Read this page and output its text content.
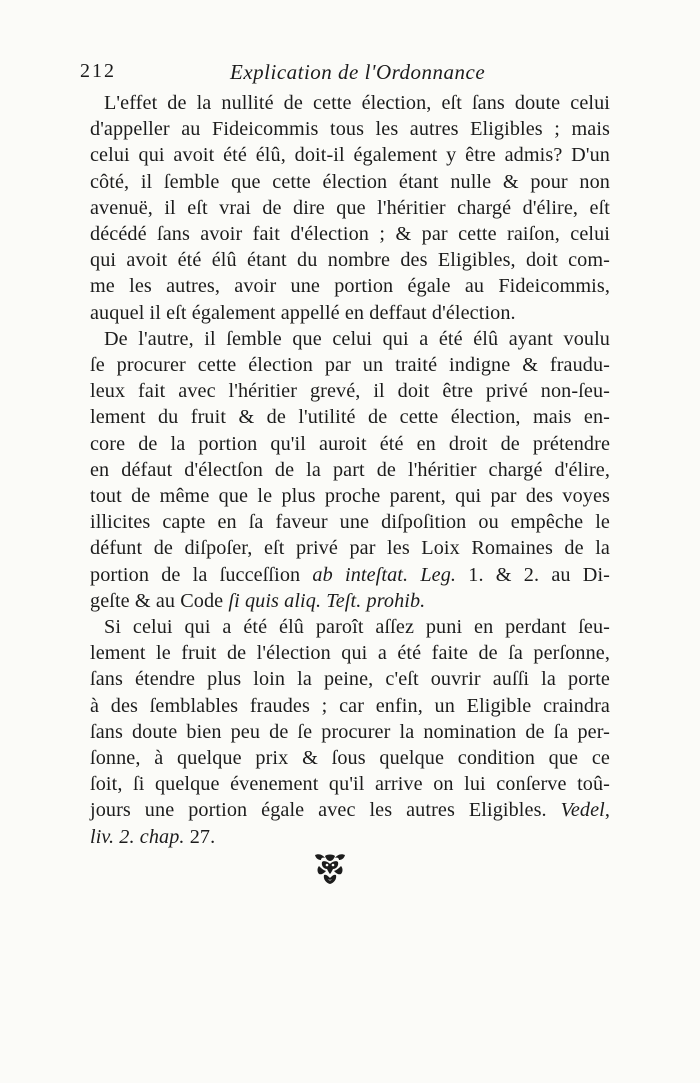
212	Explication de l'Ordonnance

L'effet de la nullité de cette élection, eſt ſans doute celui
d'appeller au Fideicommis tous les autres Eligibles ; mais
celui qui avoit été élû, doit-il également y être admis? D'un
côté, il ſemble que cette élection étant nulle & pour non
avenuë, il eſt vrai de dire que l'héritier chargé d'élire, eſt
décédé ſans avoir fait d'élection ; & par cette raiſon, celui
qui avoit été élû étant du nombre des Eligibles, doit com-
me les autres, avoir une portion égale au Fideicommis,
auquel il eſt également appellé en deffaut d'élection.

De l'autre, il ſemble que celui qui a été élû ayant voulu
ſe procurer cette élection par un traité indigne & fraudu-
leux fait avec l'héritier grevé, il doit être privé non-ſeu-
lement du fruit & de l'utilité de cette élection, mais en-
core de la portion qu'il auroit été en droit de prétendre
en défaut d'électſon de la part de l'héritier chargé d'élire,
tout de même que le plus proche parent, qui par des voyes
illicites capte en ſa faveur une diſpoſition ou empêche le
défunt de diſpoſer, eſt privé par les Loix Romaines de la
portion de la ſucceſſion ab inteſtat. Leg. 1. & 2. au Di-
geſte & au Code ſi quis aliq. Teſt. prohib.

Si celui qui a été élû paroît aſſez puni en perdant ſeu-
lement le fruit de l'élection qui a été faite de ſa perſonne,
ſans étendre plus loin la peine, c'eſt ouvrir auſſi la porte
à des ſemblables fraudes ; car enfin, un Eligible craindra
ſans doute bien peu de ſe procurer la nomination de ſa per-
ſonne, à quelque prix & ſous quelque condition que ce
ſoit, ſi quelque évenement qu'il arrive on lui conſerve toû-
jours une portion égale avec les autres Eligibles. Vedel,
liv. 2. chap. 27.
